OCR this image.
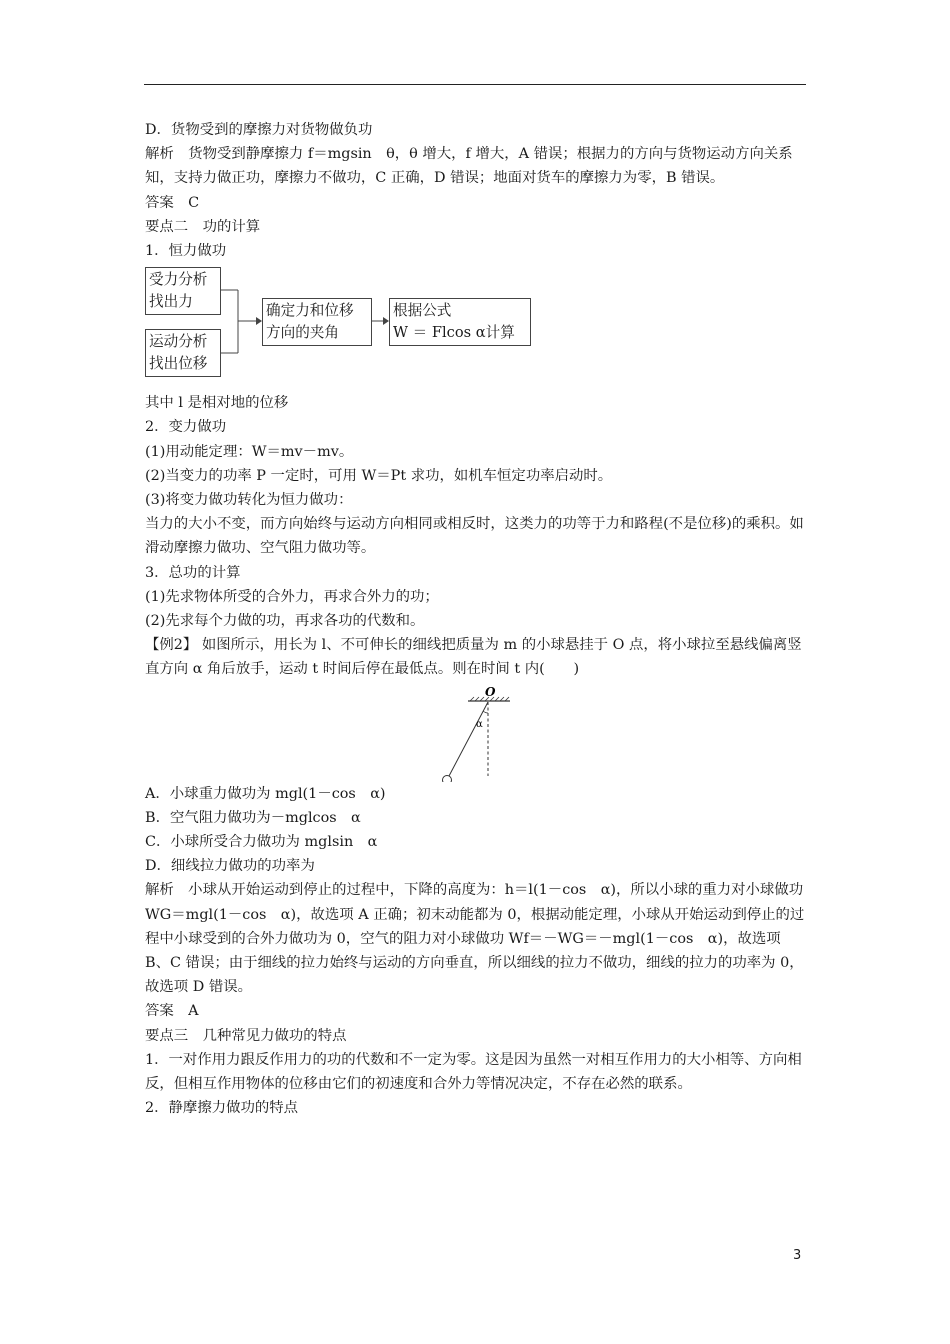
D．货物受到的摩擦力对货物做负功

解析　货物受到静摩擦力 f＝mgsin　θ，θ 增大，f 增大，A 错误；根据力的方向与货物运动方向关系知，支持力做正功，摩擦力不做功，C 正确，D 错误；地面对货车的摩擦力为零，B 错误。

答案　C

要点二　功的计算

1．恒力做功

受力分析
找出力
运动分析
找出位移
确定力和位移
方向的夹角
根据公式
W ＝ Flcos α计算

其中 l 是相对地的位移

2．变力做功

(1)用动能定理：W＝mv－mv。

(2)当变力的功率 P 一定时，可用 W＝Pt 求功，如机车恒定功率启动时。

(3)将变力做功转化为恒力做功：

当力的大小不变，而方向始终与运动方向相同或相反时，这类力的功等于力和路程(不是位移)的乘积。如滑动摩擦力做功、空气阻力做功等。

3．总功的计算

(1)先求物体所受的合外力，再求合外力的功；

(2)先求每个力做的功，再求各功的代数和。

【例2】 如图所示，用长为 l、不可伸长的细线把质量为 m 的小球悬挂于 O 点，将小球拉至悬线偏离竖直方向 α 角后放手，运动 t 时间后停在最低点。则在时间 t 内(　　)

O
α

A．小球重力做功为 mgl(1－cos　α)

B．空气阻力做功为－mglcos　α

C．小球所受合力做功为 mglsin　α

D．细线拉力做功的功率为

解析　小球从开始运动到停止的过程中，下降的高度为：h＝l(1－cos　α)，所以小球的重力对小球做功 WG＝mgl(1－cos　α)，故选项 A 正确；初末动能都为 0，根据动能定理，小球从开始运动到停止的过程中小球受到的合外力做功为 0，空气的阻力对小球做功 Wf＝－WG＝－mgl(1－cos　α)，故选项 B、C 错误；由于细线的拉力始终与运动的方向垂直，所以细线的拉力不做功，细线的拉力的功率为 0，故选项 D 错误。

答案　A

要点三　几种常见力做功的特点

1．一对作用力跟反作用力的功的代数和不一定为零。这是因为虽然一对相互作用力的大小相等、方向相反，但相互作用物体的位移由它们的初速度和合外力等情况决定，不存在必然的联系。

2．静摩擦力做功的特点

3
